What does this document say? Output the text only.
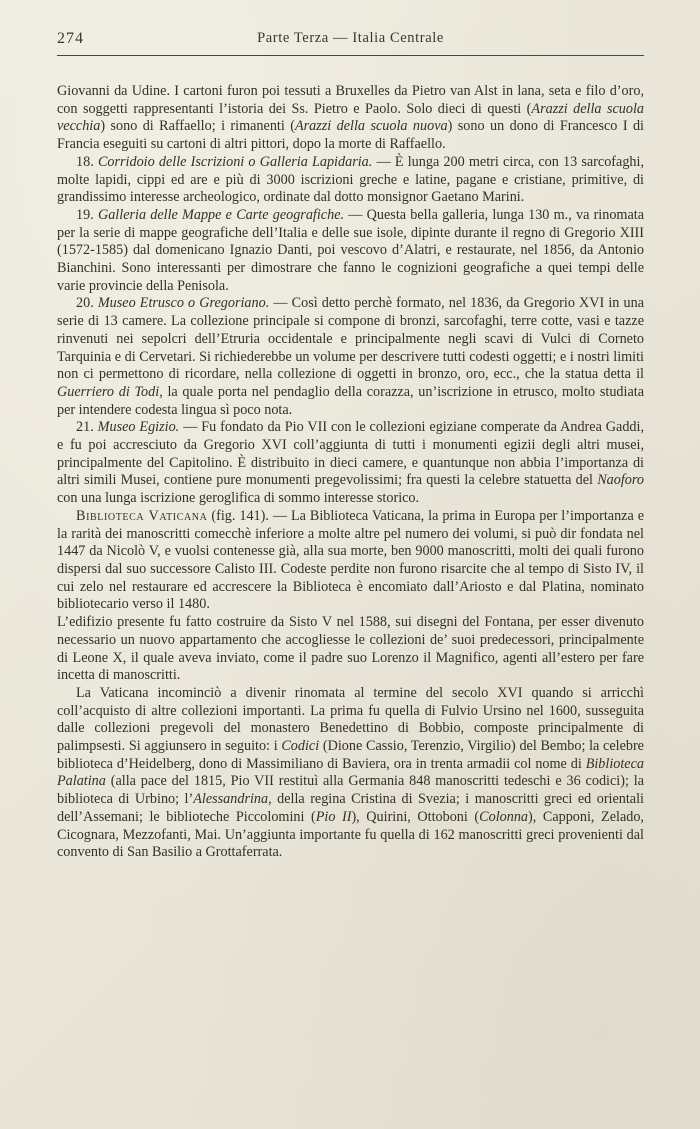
274	Parte Terza — Italia Centrale

Giovanni da Udine. I cartoni furon poi tessuti a Bruxelles da Pietro van Alst in lana, seta e filo d’oro, con soggetti rappresentanti l’istoria dei Ss. Pietro e Paolo. Solo dieci di questi (Arazzi della scuola vecchia) sono di Raffaello; i rimanenti (Arazzi della scuola nuova) sono un dono di Francesco I di Francia eseguiti su cartoni di altri pittori, dopo la morte di Raffaello.

18. Corridoio delle Iscrizioni o Galleria Lapidaria. — È lunga 200 metri circa, con 13 sarcofaghi, molte lapidi, cippi ed are e più di 3000 iscrizioni greche e latine, pagane e cristiane, primitive, di grandissimo interesse archeologico, ordinate dal dotto monsignor Gaetano Marini.

19. Galleria delle Mappe e Carte geografiche. — Questa bella galleria, lunga 130 m., va rinomata per la serie di mappe geografiche dell’Italia e delle sue isole, dipinte durante il regno di Gregorio XIII (1572-1585) dal domenicano Ignazio Danti, poi vescovo d’Alatri, e restaurate, nel 1856, da Antonio Bianchini. Sono interessanti per dimostrare che fanno le cognizioni geografiche a quei tempi delle varie provincie della Penisola.

20. Museo Etrusco o Gregoriano. — Così detto perchè formato, nel 1836, da Gregorio XVI in una serie di 13 camere. La collezione principale si compone di bronzi, sarcofaghi, terre cotte, vasi e tazze rinvenuti nei sepolcri dell’Etruria occidentale e principalmente negli scavi di Vulci di Corneto Tarquinia e di Cervetari. Si richiederebbe un volume per descrivere tutti codesti oggetti; e i nostri limiti non ci permettono di ricordare, nella collezione di oggetti in bronzo, oro, ecc., che la statua detta il Guerriero di Todi, la quale porta nel pendaglio della corazza, un’iscrizione in etrusco, molto studiata per intendere codesta lingua sì poco nota.

21. Museo Egizio. — Fu fondato da Pio VII con le collezioni egiziane comperate da Andrea Gaddi, e fu poi accresciuto da Gregorio XVI coll’aggiunta di tutti i monumenti egizii degli altri musei, principalmente del Capitolino. È distribuito in dieci camere, e quantunque non abbia l’importanza di altri simili Musei, contiene pure monumenti pregevolissimi; fra questi la celebre statuetta del Naoforo con una lunga iscrizione geroglifica di sommo interesse storico.

Biblioteca Vaticana (fig. 141). — La Biblioteca Vaticana, la prima in Europa per l’importanza e la rarità dei manoscritti comecchè inferiore a molte altre pel numero dei volumi, si può dir fondata nel 1447 da Nicolò V, e vuolsi contenesse già, alla sua morte, ben 9000 manoscritti, molti dei quali furono dispersi dal suo successore Calisto III. Codeste perdite non furono risarcite che al tempo di Sisto IV, il cui zelo nel restaurare ed accrescere la Biblioteca è encomiato dall’Ariosto e dal Platina, nominato bibliotecario verso il 1480.

L’edifizio presente fu fatto costruire da Sisto V nel 1588, sui disegni del Fontana, per esser divenuto necessario un nuovo appartamento che accogliesse le collezioni de’ suoi predecessori, principalmente di Leone X, il quale aveva inviato, come il padre suo Lorenzo il Magnifico, agenti all’estero per fare incetta di manoscritti.

La Vaticana incominciò a divenir rinomata al termine del secolo XVI quando si arricchì coll’acquisto di altre collezioni importanti. La prima fu quella di Fulvio Ursino nel 1600, susseguita dalle collezioni pregevoli del monastero Benedettino di Bobbio, composte principalmente di palimpsesti. Si aggiunsero in seguito: i Codici (Dione Cassio, Terenzio, Virgilio) del Bembo; la celebre biblioteca d’Heidelberg, dono di Massimiliano di Baviera, ora in trenta armadii col nome di Biblioteca Palatina (alla pace del 1815, Pio VII restituì alla Germania 848 manoscritti tedeschi e 36 codici); la biblioteca di Urbino; l’Alessandrina, della regina Cristina di Svezia; i manoscritti greci ed orientali dell’Assemani; le biblioteche Piccolomini (Pio II), Quirini, Ottoboni (Colonna), Capponi, Zelado, Cicognara, Mezzofanti, Mai. Un’aggiunta importante fu quella di 162 manoscritti greci provenienti dal convento di San Basilio a Grottaferrata.
